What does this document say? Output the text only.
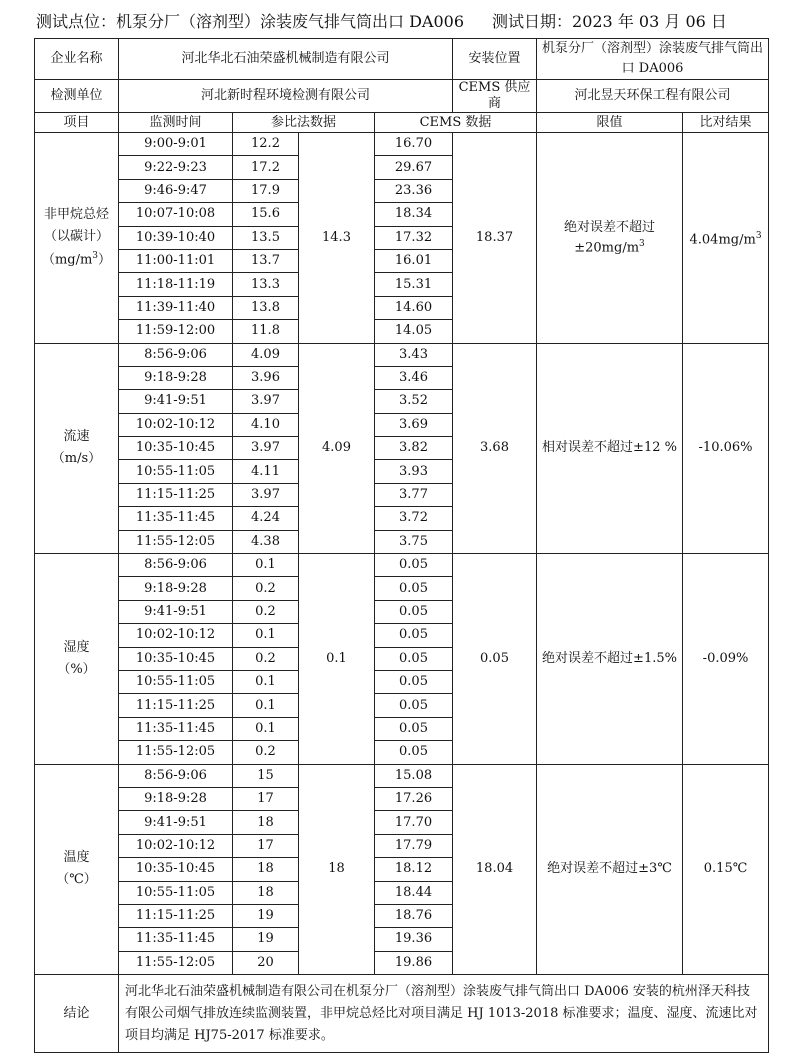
测试点位：机泵分厂（溶剂型）涂装废气排气筒出口 DA006 测试日期：2023 年 03 月 06 日
企业名称	河北华北石油荣盛机械制造有限公司				安装位置	机泵分厂（溶剂型）涂装废气排气筒出口 DA006	
检测单位	河北新时程环境检测有限公司				CEMS 供应商	河北昱天环保工程有限公司	
项目	监测时间	参比法数据		CEMS 数据		限值	比对结果
非甲烷总烃
（以碳计）
$(mg/m^3)$	9:00-9:01	12.2	14.3	16.70	18.37	绝对误差不超过$\pm 20mg/m^3$	$4.04mg/m^3$
	9:22-9:23	17.2		29.67			
	9:46-9:47	17.9		23.36			
	10:07-10:08	15.6		18.34			
	10:39-10:40	13.5		17.32			
	11:00-11:01	13.7		16.01			
	11:18-11:19	13.3		15.31			
	11:39-11:40	13.8		14.60			
	11:59-12:00	11.8		14.05			
流速
（m/s）	8:56-9:06	4.09	4.09	3.43	3.68	相对误差不超过±12 %	-10.06%
	9:18-9:28	3.96		3.46			
	9:41-9:51	3.97		3.52			
	10:02-10:12	4.10		3.69			
	10:35-10:45	3.97		3.82			
	10:55-11:05	4.11		3.93			
	11:15-11:25	3.97		3.77			
	11:35-11:45	4.24		3.72			
	11:55-12:05	4.38		3.75			
湿度
（%）	8:56-9:06	0.1	0.1	0.05	0.05	绝对误差不超过±1.5%	-0.09%
	9:18-9:28	0.2		0.05			
	9:41-9:51	0.2		0.05			
	10:02-10:12	0.1		0.05			
	10:35-10:45	0.2		0.05			
	10:55-11:05	0.1		0.05			
	11:15-11:25	0.1		0.05			
	11:35-11:45	0.1		0.05			
	11:55-12:05	0.2		0.05			
温度
（℃）	8:56-9:06	15	18	15.08	18.04	绝对误差不超过±3℃	0.15℃
	9:18-9:28	17		17.26			
	9:41-9:51	18		17.70			
	10:02-10:12	17		17.79			
	10:35-10:45	18		18.12			
	10:55-11:05	18		18.44			
	11:15-11:25	19		18.76			
	11:35-11:45	19		19.36			
	11:55-12:05	20		19.86			
结论	河北华北石油荣盛机械制造有限公司在机泵分厂（溶剂型）涂装废气排气筒出口 DA006 安装的杭州泽天科技有限公司烟气排放连续监测装置，非甲烷总烃比对项目满足 HJ 1013-2018 标准要求；温度、湿度、流速比对项目均满足 HJ75-2017 标准要求。						
